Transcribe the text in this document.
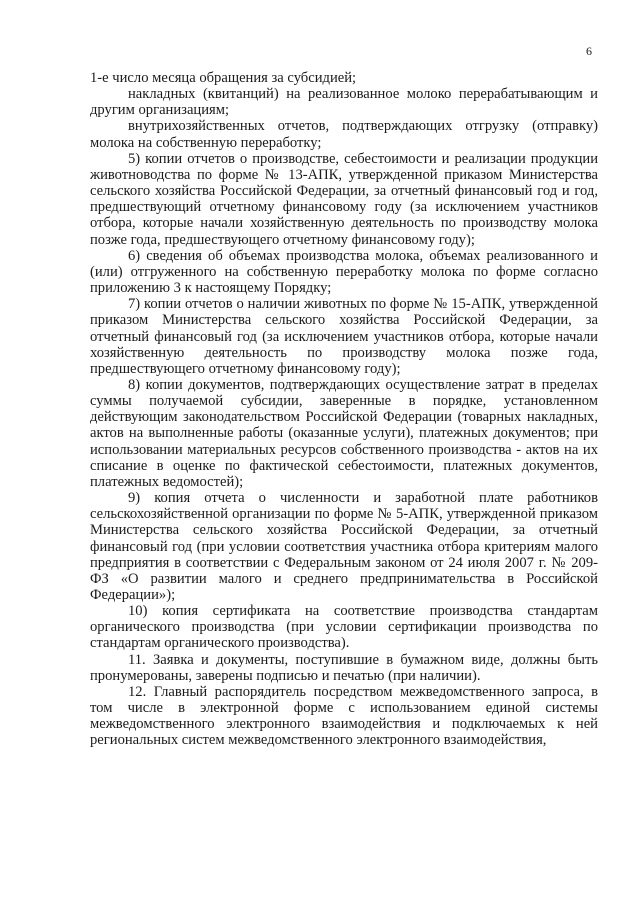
6

1-е число месяца обращения за субсидией;

накладных (квитанций) на реализованное молоко перерабатывающим и другим организациям;

внутрихозяйственных отчетов, подтверждающих отгрузку (отправку) молока на собственную переработку;

5) копии отчетов о производстве, себестоимости и реализации продукции животноводства по форме № 13-АПК, утвержденной приказом Министерства сельского хозяйства Российской Федерации, за отчетный финансовый год и год, предшествующий отчетному финансовому году (за исключением участников отбора, которые начали хозяйственную деятельность по производству молока позже года, предшествующего отчетному финансовому году);

6) сведения об объемах производства молока, объемах реализованного и (или) отгруженного на собственную переработку молока по форме согласно приложению 3 к настоящему Порядку;

7) копии отчетов о наличии животных по форме № 15-АПК, утвержденной приказом Министерства сельского хозяйства Российской Федерации, за отчетный финансовый год (за исключением участников отбора, которые начали хозяйственную деятельность по производству молока позже года, предшествующего отчетному финансовому году);

8) копии документов, подтверждающих осуществление затрат в пределах суммы получаемой субсидии, заверенные в порядке, установленном действующим законодательством Российской Федерации (товарных накладных, актов на выполненные работы (оказанные услуги), платежных документов; при использовании материальных ресурсов собственного производства - актов на их списание в оценке по фактической себестоимости, платежных документов, платежных ведомостей);

9) копия отчета о численности и заработной плате работников сельскохозяйственной организации по форме № 5-АПК, утвержденной приказом Министерства сельского хозяйства Российской Федерации, за отчетный финансовый год (при условии соответствия участника отбора критериям малого предприятия в соответствии с Федеральным законом от 24 июля 2007 г. № 209-ФЗ «О развитии малого и среднего предпринимательства в Российской Федерации»);

10) копия сертификата на соответствие производства стандартам органического производства (при условии сертификации производства по стандартам органического производства).

11. Заявка и документы, поступившие в бумажном виде, должны быть пронумерованы, заверены подписью и печатью (при наличии).

12. Главный распорядитель посредством межведомственного запроса, в том числе в электронной форме с использованием единой системы межведомственного электронного взаимодействия и подключаемых к ней региональных систем межведомственного электронного взаимодействия,
